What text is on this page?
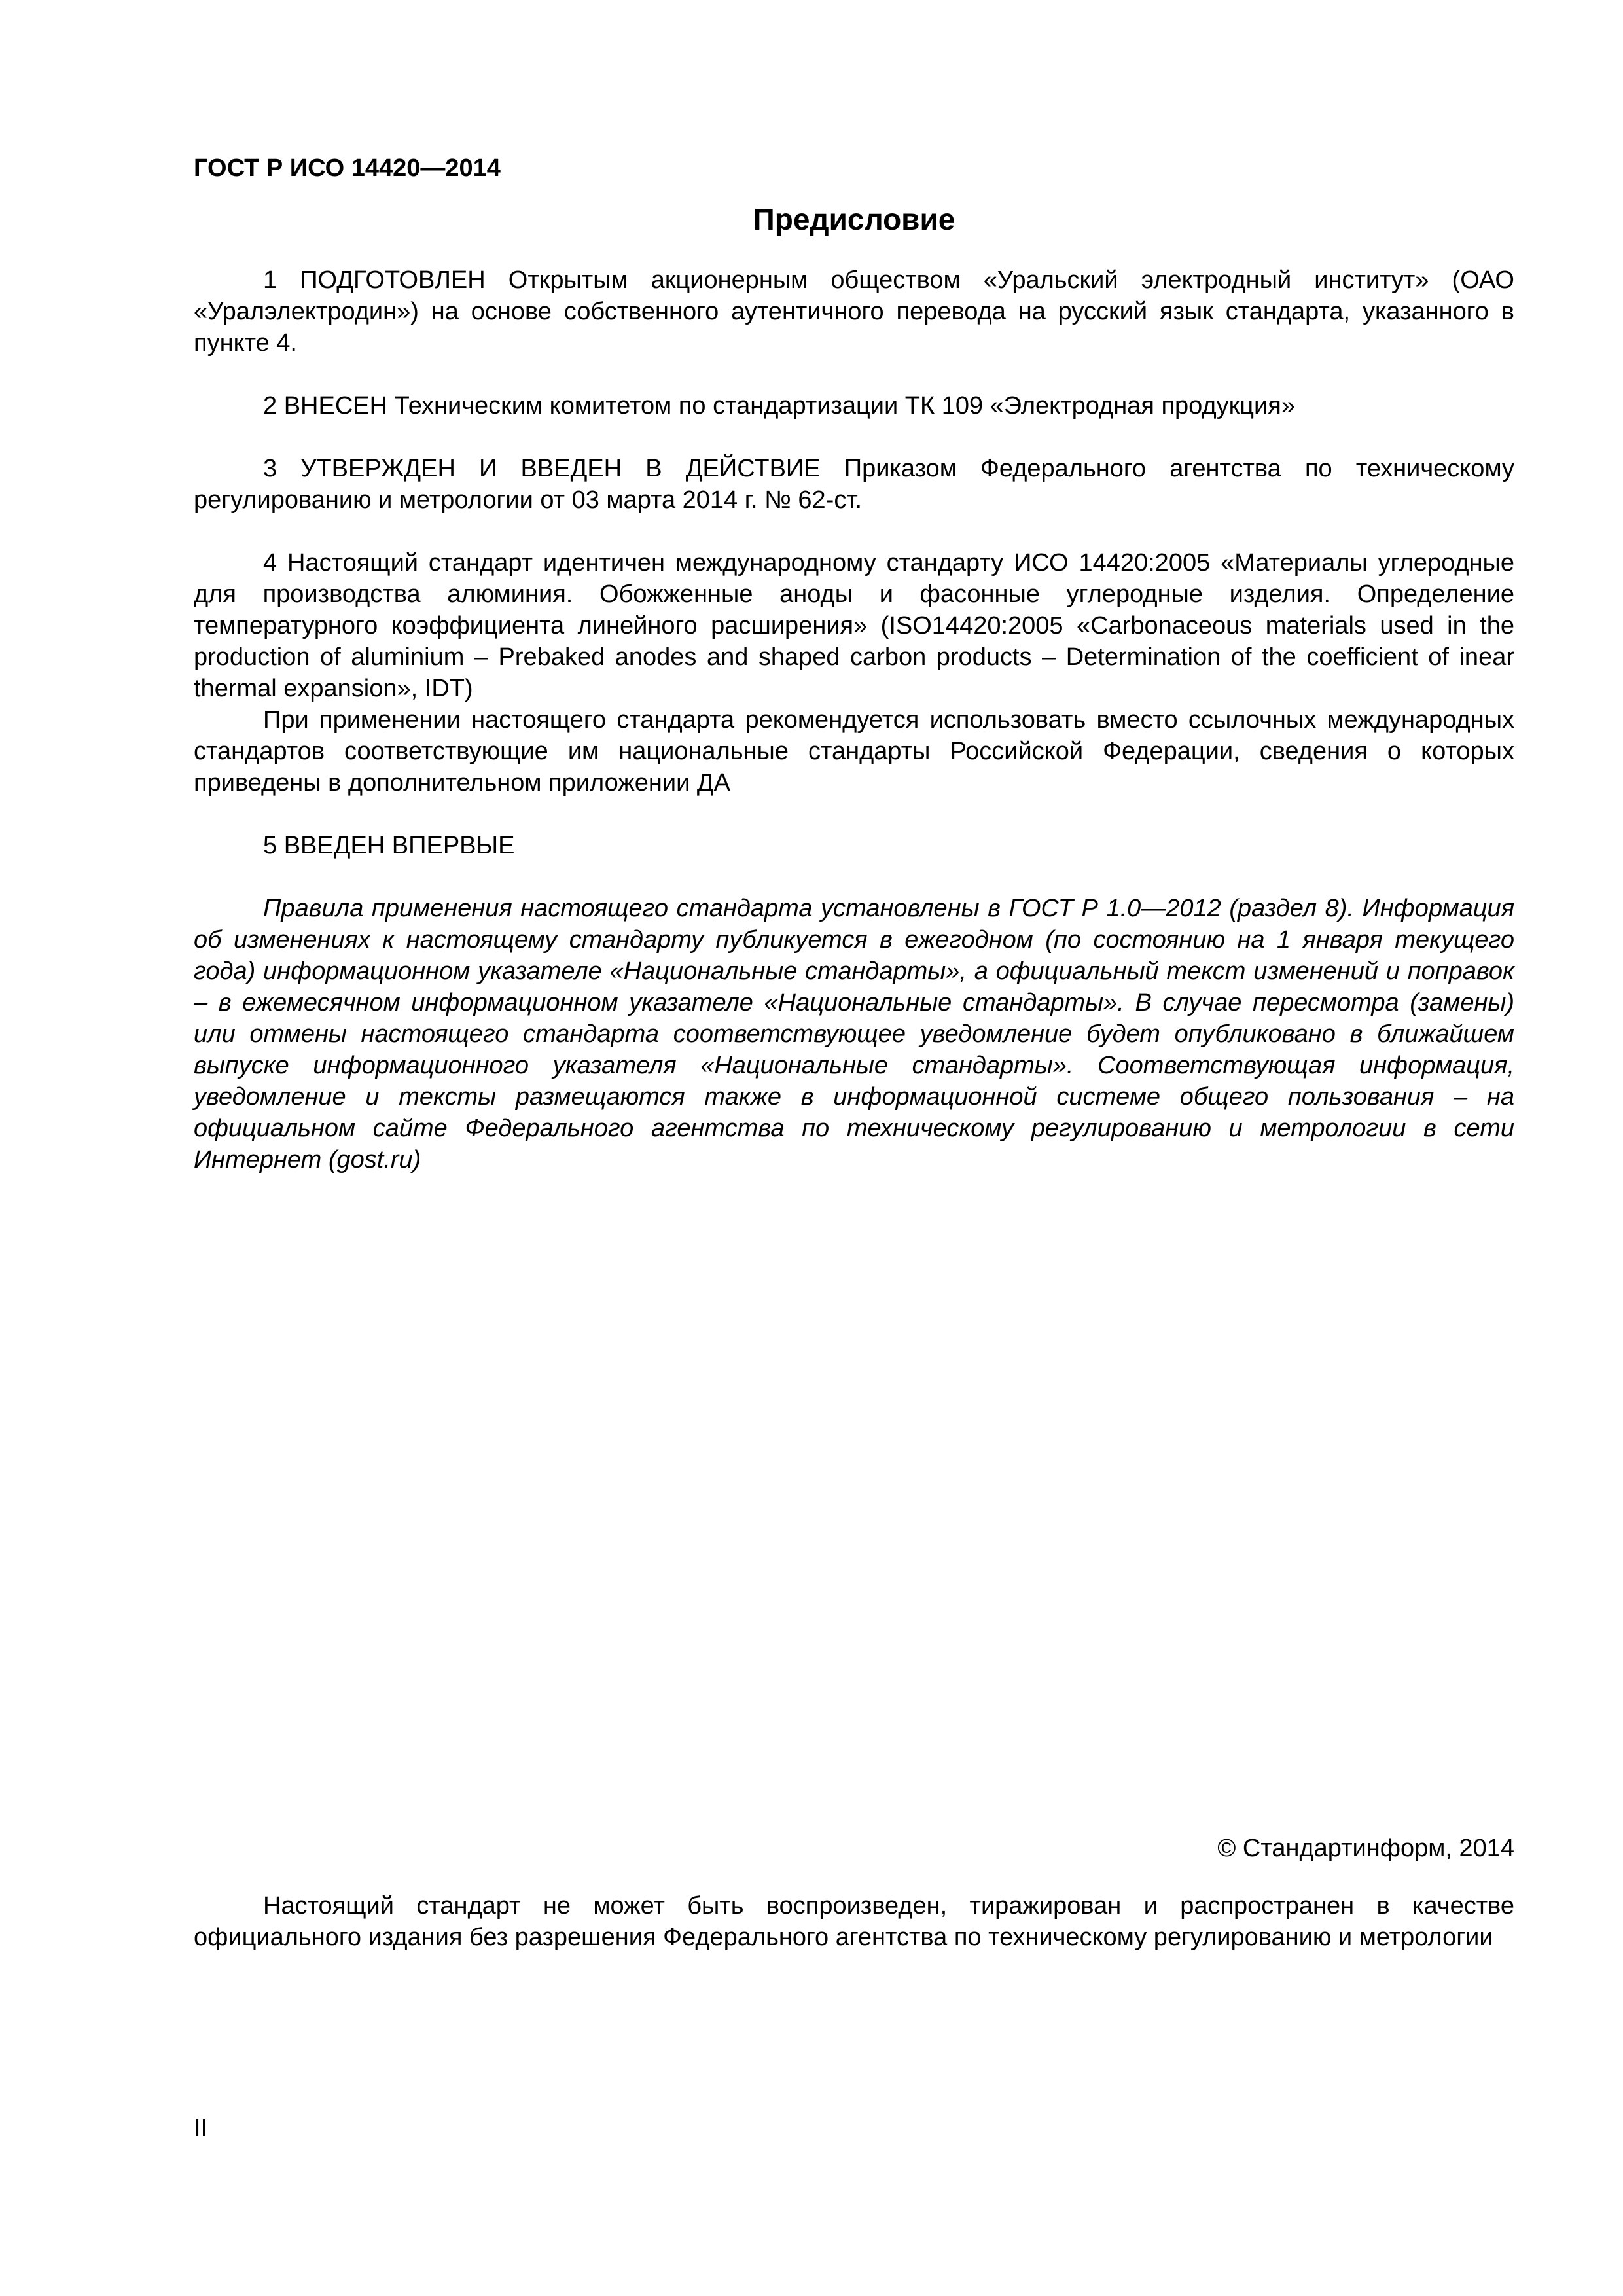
ГОСТ Р ИСО 14420—2014
Предисловие

1 ПОДГОТОВЛЕН Открытым акционерным обществом «Уральский электродный институт» (ОАО «Уралэлектродин») на основе собственного аутентичного перевода на русский язык стандарта, указанного в пункте 4.

2 ВНЕСЕН Техническим комитетом по стандартизации ТК 109 «Электродная продукция»

3 УТВЕРЖДЕН И ВВЕДЕН В ДЕЙСТВИЕ Приказом Федерального агентства по техническому регулированию и метрологии от 03 марта 2014 г. № 62-ст.

4 Настоящий стандарт идентичен международному стандарту ИСО 14420:2005 «Материалы углеродные для производства алюминия. Обожженные аноды и фасонные углеродные изделия. Определение температурного коэффициента линейного расширения» (ISO14420:2005 «Carbonaceous materials used in the production of aluminium – Prebaked anodes and shaped carbon products – Determination of the coefficient of inear thermal expansion», IDT)

При применении настоящего стандарта рекомендуется использовать вместо ссылочных международных стандартов соответствующие им национальные стандарты Российской Федерации, сведения о которых приведены в дополнительном приложении ДА

5 ВВЕДЕН ВПЕРВЫЕ

Правила применения настоящего стандарта установлены в ГОСТ Р 1.0—2012 (раздел 8). Информация об изменениях к настоящему стандарту публикуется в ежегодном (по состоянию на 1 января текущего года) информационном указателе «Национальные стандарты», а официальный текст изменений и поправок – в ежемесячном информационном указателе «Национальные стандарты». В случае пересмотра (замены) или отмены настоящего стандарта соответствующее уведомление будет опубликовано в ближайшем выпуске информационного указателя «Национальные стандарты». Соответствующая информация, уведомление и тексты размещаются также в информационной системе общего пользования – на официальном сайте Федерального агентства по техническому регулированию и метрологии в сети Интернет (gost.ru)

© Стандартинформ, 2014

Настоящий стандарт не может быть воспроизведен, тиражирован и распространен в качестве официального издания без разрешения Федерального агентства по техническому регулированию и метрологии

II
